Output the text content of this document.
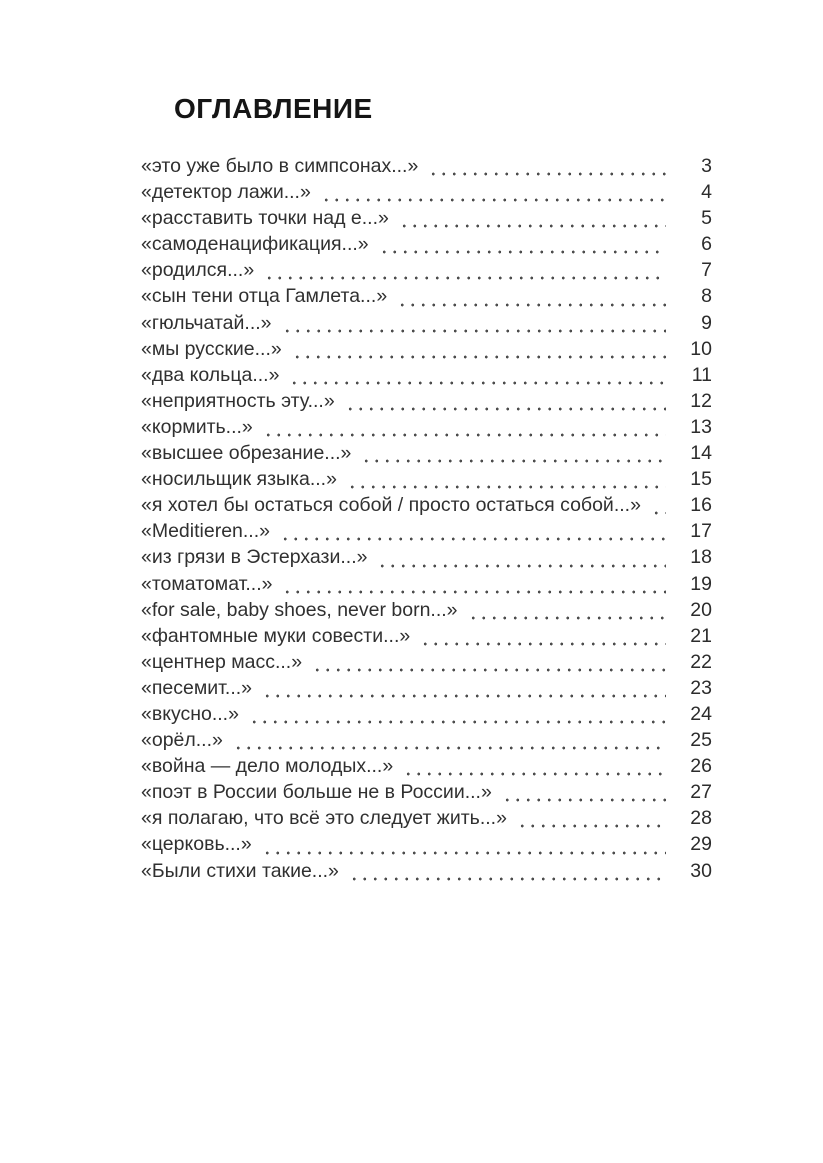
ОГЛАВЛЕНИЕ
«это уже было в симпсонах...»	3
«детектор лажи...»	4
«расставить точки над е...»	5
«самоденацификация...»	6
«родился...»	7
«сын тени отца Гамлета...»	8
«гюльчатай...»	9
«мы русские...»	10
«два кольца...»	11
«неприятность эту...»	12
«кормить...»	13
«высшее обрезание...»	14
«носильщик языка...»	15
«я хотел бы остаться собой / просто остаться собой...»	16
«Meditieren...»	17
«из грязи в Эстерхази...»	18
«томатомат...»	19
«for sale, baby shoes, never born...»	20
«фантомные муки совести...»	21
«центнер масс...»	22
«песемит...»	23
«вкусно...»	24
«орёл...»	25
«война — дело молодых...»	26
«поэт в России больше не в России...»	27
«я полагаю, что всё это следует жить...»	28
«церковь...»	29
«Были стихи такие...»	30
